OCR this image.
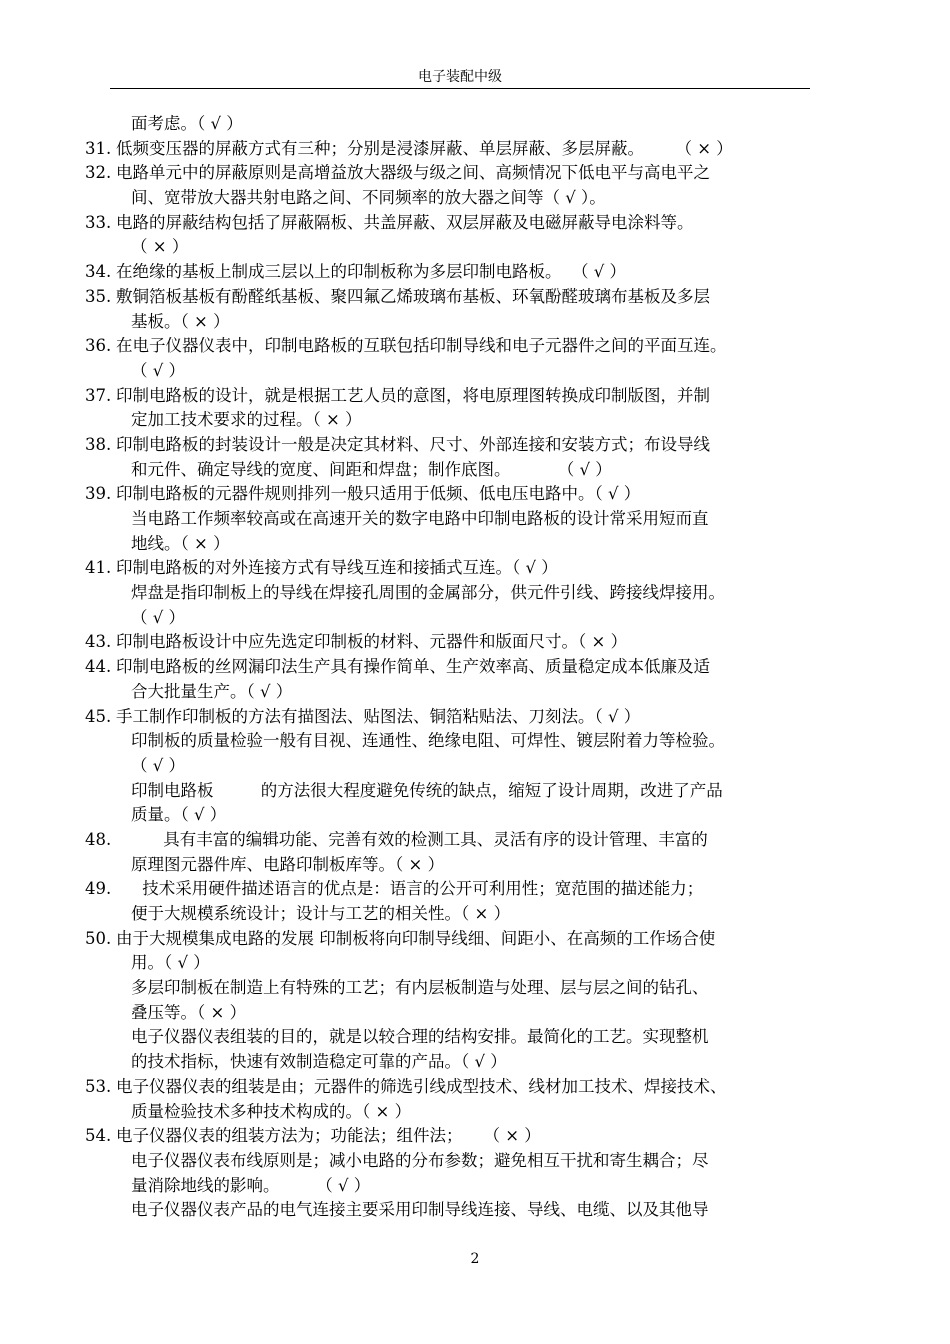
电子装配中级
面考虑。（ √ ）
31. 低频变压器的屏蔽方式有三种；分别是浸漆屏蔽、单层屏蔽、多层屏蔽。      （ × ）
32. 电路单元中的屏蔽原则是高增益放大器级与级之间、高频情况下低电平与高电平之
间、宽带放大器共射电路之间、不同频率的放大器之间等（ √ ）。
33. 电路的屏蔽结构包括了屏蔽隔板、共盖屏蔽、双层屏蔽及电磁屏蔽导电涂料等。
（ × ）
34. 在绝缘的基板上制成三层以上的印制板称为多层印制电路板。  （ √ ）
35. 敷铜箔板基板有酚醛纸基板、聚四氟乙烯玻璃布基板、环氧酚醛玻璃布基板及多层
基板。（ × ）
36. 在电子仪器仪表中，印制电路板的互联包括印制导线和电子元器件之间的平面互连。
（ √ ）
37. 印制电路板的设计，就是根据工艺人员的意图，将电原理图转换成印制版图，并制
定加工技术要求的过程。（ × ）
38. 印制电路板的封装设计一般是决定其材料、尺寸、外部连接和安装方式；布设导线
和元件、确定导线的宽度、间距和焊盘；制作底图。         （ √ ）
39. 印制电路板的元器件规则排列一般只适用于低频、低电压电路中。（ √ ）
当电路工作频率较高或在高速开关的数字电路中印制电路板的设计常采用短而直
地线。（ × ）
41. 印制电路板的对外连接方式有导线互连和接插式互连。（ √ ）
焊盘是指印制板上的导线在焊接孔周围的金属部分，供元件引线、跨接线焊接用。
（ √ ）
43. 印制电路板设计中应先选定印制板的材料、元器件和版面尺寸。（ × ）
44. 印制电路板的丝网漏印法生产具有操作简单、生产效率高、质量稳定成本低廉及适
合大批量生产。（ √ ）
45. 手工制作印制板的方法有描图法、贴图法、铜箔粘贴法、刀刻法。（ √ ）
印制板的质量检验一般有目视、连通性、绝缘电阻、可焊性、镀层附着力等检验。
（ √ ）
印制电路板         的方法很大程度避免传统的缺点，缩短了设计周期，改进了产品
质量。（ √ ）
48. 具有丰富的编辑功能、完善有效的检测工具、灵活有序的设计管理、丰富的
原理图元器件库、电路印制板库等。（ × ）
49. 技术采用硬件描述语言的优点是：语言的公开可利用性；宽范围的描述能力；
便于大规模系统设计；设计与工艺的相关性。（ × ）
50. 由于大规模集成电路的发展 印制板将向印制导线细、间距小、在高频的工作场合使
用。（ √ ）
多层印制板在制造上有特殊的工艺；有内层板制造与处理、层与层之间的钻孔、
叠压等。（ × ）
电子仪器仪表组装的目的，就是以较合理的结构安排。最简化的工艺。实现整机
的技术指标，快速有效制造稳定可靠的产品。（ √ ）
53. 电子仪器仪表的组装是由；元器件的筛选引线成型技术、线材加工技术、焊接技术、
质量检验技术多种技术构成的。（ × ）
54. 电子仪器仪表的组装方法为；功能法；组件法；    （ × ）
电子仪器仪表布线原则是；减小电路的分布参数；避免相互干扰和寄生耦合；尽
量消除地线的影响。       （ √ ）
电子仪器仪表产品的电气连接主要采用印制导线连接、导线、电缆、以及其他导
2
